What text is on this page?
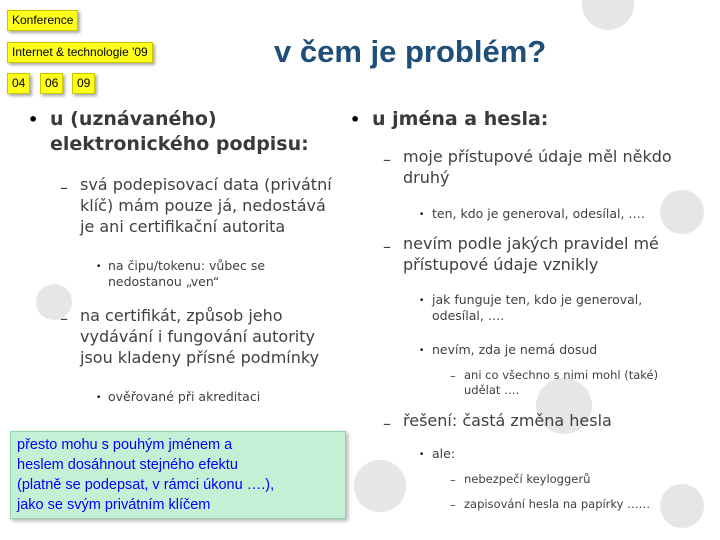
Konference
Internet & technologie '09
04	06	09
v čem je problém?
• u (uznávaného)
elektronického podpisu:
– svá podepisovací data (privátní
klíč) mám pouze já, nedostává
je ani certifikační autorita
• na čipu/tokenu: vůbec se
nedostanou „ven“
– na certifikát, způsob jeho
vydávání i fungování autority
jsou kladeny přísné podmínky
• ověřované při akreditaci
• u jména a hesla:
– moje přístupové údaje měl někdo
druhý
• ten, kdo je generoval, odesílal, ….
– nevím podle jakých pravidel mé
přístupové údaje vznikly
• jak funguje ten, kdo je generoval,
odesílal, ….
• nevím, zda je nemá dosud
– ani co všechno s nimi mohl (také)
udělat ….
– řešení: častá změna hesla
• ale:
– nebezpečí keyloggerů
– zapisování hesla na papírky ……
přesto mohu s pouhým jménem a
heslem dosáhnout stejného efektu
(platně se podepsat, v rámci úkonu ….),
jako se svým privátním klíčem
